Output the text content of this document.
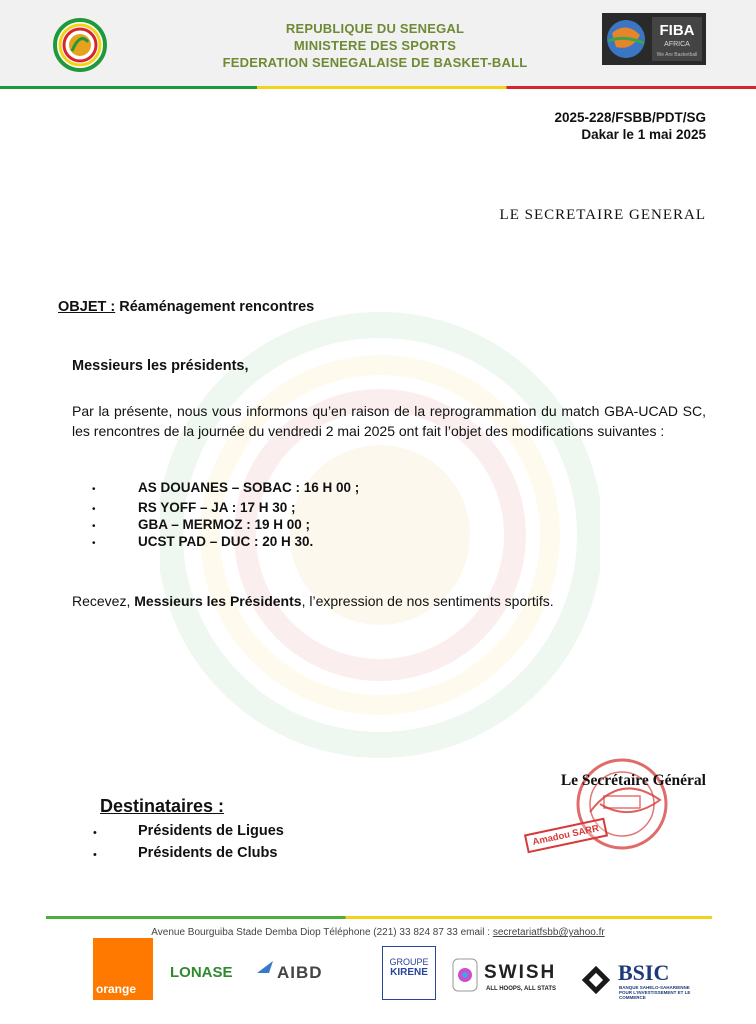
REPUBLIQUE DU SENEGAL
MINISTERE DES SPORTS
FEDERATION SENEGALAISE DE BASKET-BALL
FIBA
AFRICA
We Are Basketball
2025-228/FSBB/PDT/SG
Dakar le 1 mai 2025
LE SECRETAIRE GENERAL
OBJET : Réaménagement rencontres
Messieurs les présidents,
Par la présente, nous vous informons qu’en raison de la reprogrammation du match GBA-UCAD SC, les rencontres de la journée du vendredi 2 mai 2025 ont fait l’objet des modifications suivantes :
•	AS DOUANES – SOBAC : 16 H 00 ;
•	RS YOFF – JA : 17 H 30 ;
•	GBA – MERMOZ : 19 H 00 ;
•	UCST PAD – DUC : 20 H 30.
Recevez, Messieurs les Présidents, l’expression de nos sentiments sportifs.
Le Secrétaire Général
Amadou SARR
Destinataires :
•	Présidents de Ligues
•	Présidents de Clubs
Avenue Bourguiba Stade Demba Diop Téléphone (221) 33 824 87 33 email : secretariatfsbb@yahoo.fr
orange
LONASE	AIBD
GROUPE
KIRENE	SWISH
ALL HOOPS, ALL STATS
BSIC
BANQUE SAHELO-SAHARIENNE POUR L'INVESTISSEMENT ET LE COMMERCE
